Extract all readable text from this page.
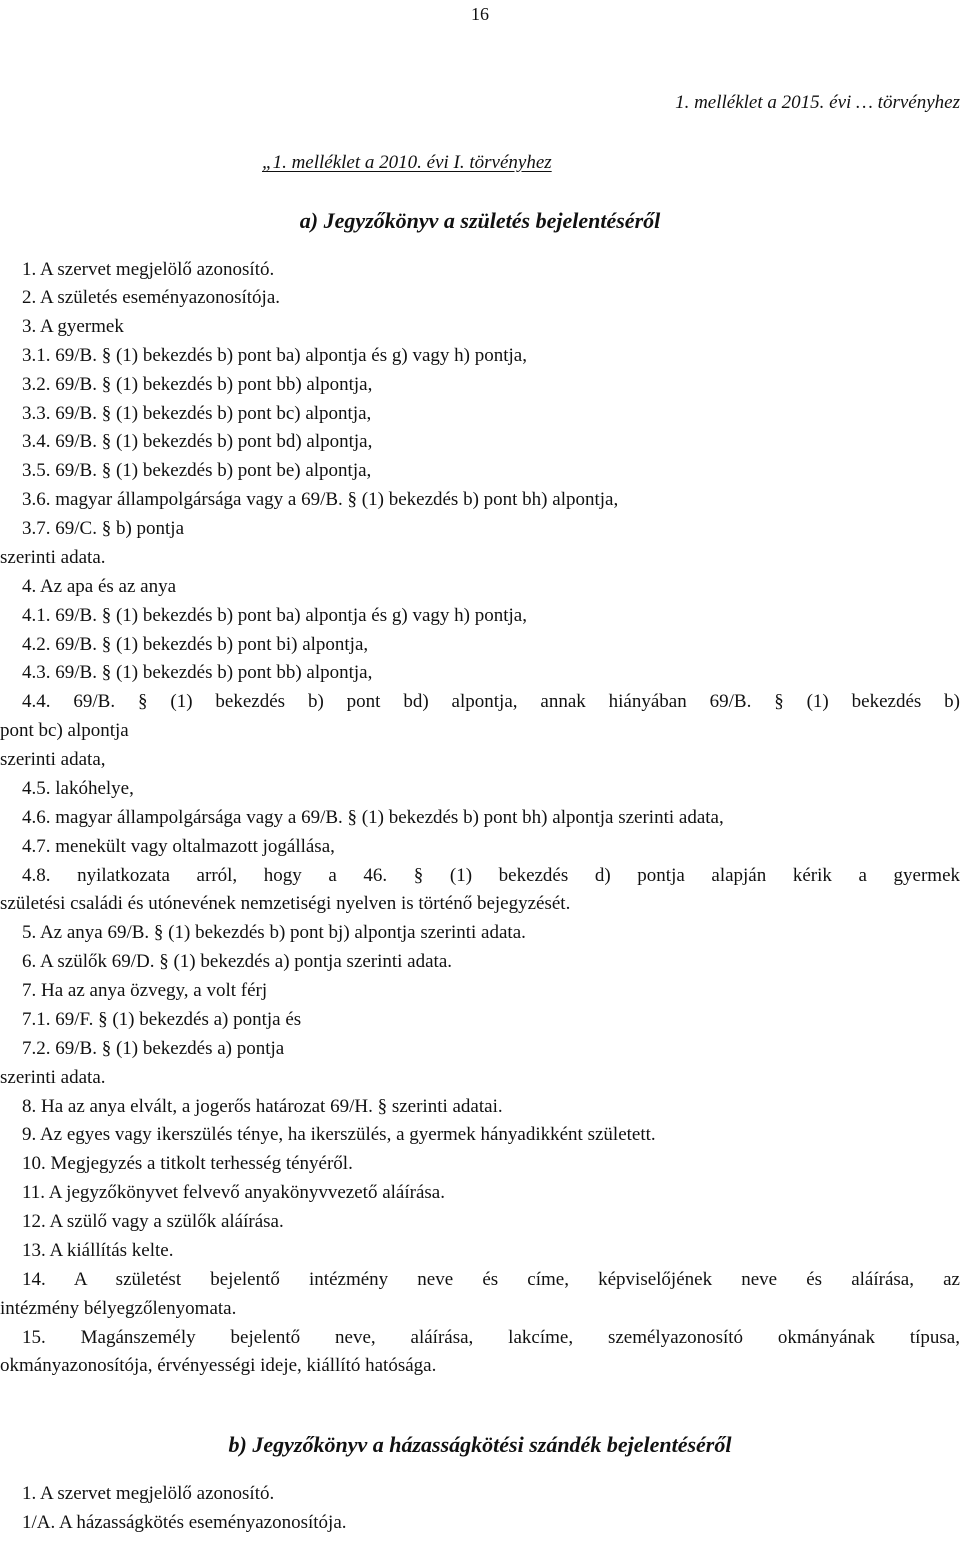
16
1. melléklet a 2015. évi … törvényhez
„1. melléklet a 2010. évi I. törvényhez
a) Jegyzőkönyv a születés bejelentéséről
1. A szervet megjelölő azonosító.
2. A születés eseményazonosítója.
3. A gyermek
3.1. 69/B. § (1) bekezdés b) pont ba) alpontja és g) vagy h) pontja,
3.2. 69/B. § (1) bekezdés b) pont bb) alpontja,
3.3. 69/B. § (1) bekezdés b) pont bc) alpontja,
3.4. 69/B. § (1) bekezdés b) pont bd) alpontja,
3.5. 69/B. § (1) bekezdés b) pont be) alpontja,
3.6. magyar állampolgársága vagy a 69/B. § (1) bekezdés b) pont bh) alpontja,
3.7. 69/C. § b) pontja
szerinti adata.
4. Az apa és az anya
4.1. 69/B. § (1) bekezdés b) pont ba) alpontja és g) vagy h) pontja,
4.2. 69/B. § (1) bekezdés b) pont bi) alpontja,
4.3. 69/B. § (1) bekezdés b) pont bb) alpontja,
4.4. 69/B. § (1) bekezdés b) pont bd) alpontja, annak hiányában 69/B. § (1) bekezdés b)
pont bc) alpontja
szerinti adata,
4.5. lakóhelye,
4.6. magyar állampolgársága vagy a 69/B. § (1) bekezdés b) pont bh) alpontja szerinti adata,
4.7. menekült vagy oltalmazott jogállása,
4.8. nyilatkozata arról, hogy a 46. § (1) bekezdés d) pontja alapján kérik a gyermek
születési családi és utónevének nemzetiségi nyelven is történő bejegyzését.
5. Az anya 69/B. § (1) bekezdés b) pont bj) alpontja szerinti adata.
6. A szülők 69/D. § (1) bekezdés a) pontja szerinti adata.
7. Ha az anya özvegy, a volt férj
7.1. 69/F. § (1) bekezdés a) pontja és
7.2. 69/B. § (1) bekezdés a) pontja
szerinti adata.
8. Ha az anya elvált, a jogerős határozat 69/H. § szerinti adatai.
9. Az egyes vagy ikerszülés ténye, ha ikerszülés, a gyermek hányadikként született.
10. Megjegyzés a titkolt terhesség tényéről.
11. A jegyzőkönyvet felvevő anyakönyvvezető aláírása.
12. A szülő vagy a szülők aláírása.
13. A kiállítás kelte.
14. A születést bejelentő intézmény neve és címe, képviselőjének neve és aláírása, az
intézmény bélyegzőlenyomata.
15. Magánszemély bejelentő neve, aláírása, lakcíme, személyazonosító okmányának típusa,
okmányazonosítója, érvényességi ideje, kiállító hatósága.
b) Jegyzőkönyv a házasságkötési szándék bejelentéséről
1. A szervet megjelölő azonosító.
1/A. A házasságkötés eseményazonosítója.
